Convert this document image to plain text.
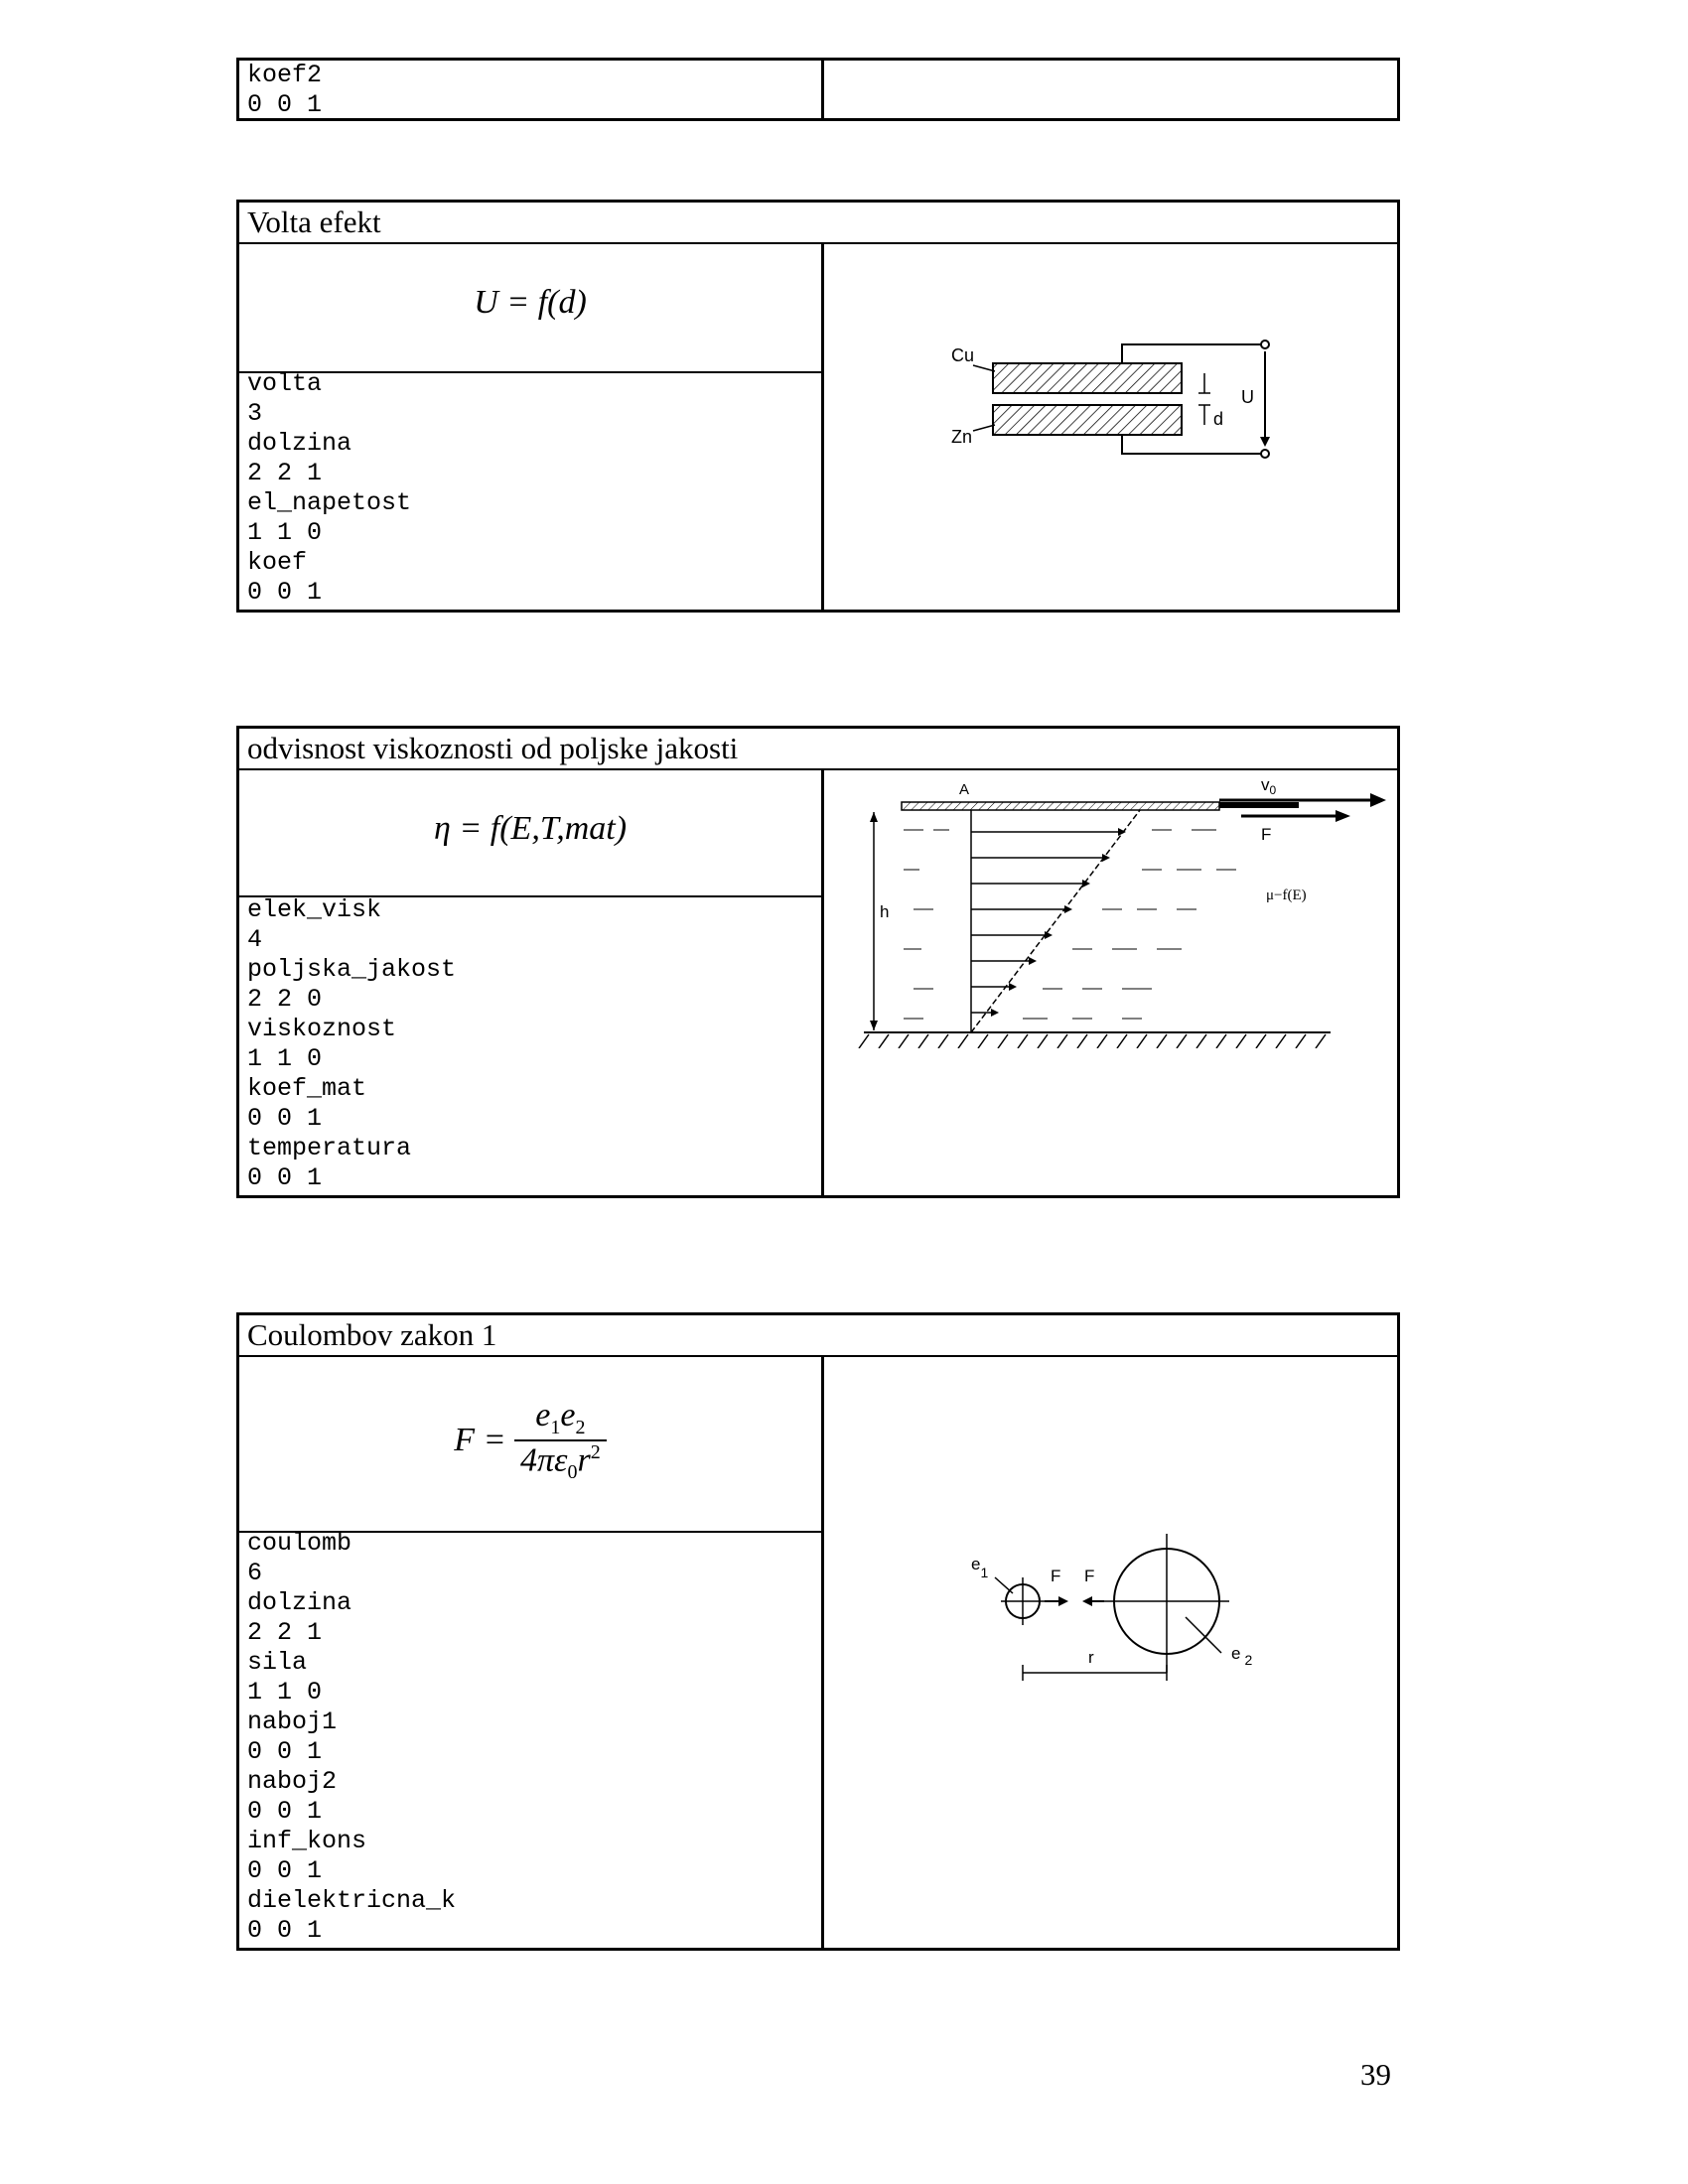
koef2
0 0 1
Volta efekt
U = f(d)
volta
3
dolzina
2 2 1
el_napetost
1 1 0
koef
0 0 1
Cu
Zn
U
d
odvisnost viskoznosti od poljske jakosti
η = f(E,T,mat)
elek_visk
4
poljska_jakost
2 2 0
viskoznost
1 1 0
koef_mat
0 0 1
temperatura
0 0 1
A	$v_0$
F
h
μ−f(E)
Coulombov zakon 1
$F = \frac{e_1e_2}{4\pi\varepsilon_0r^2}$
coulomb
6
dolzina
2 2 1
sila
1 1 0
naboj1
0 0 1
naboj2
0 0 1
inf_kons
0 0 1
dielektricna_k
0 0 1
$e_1$	F F
r	e $_2$
39
